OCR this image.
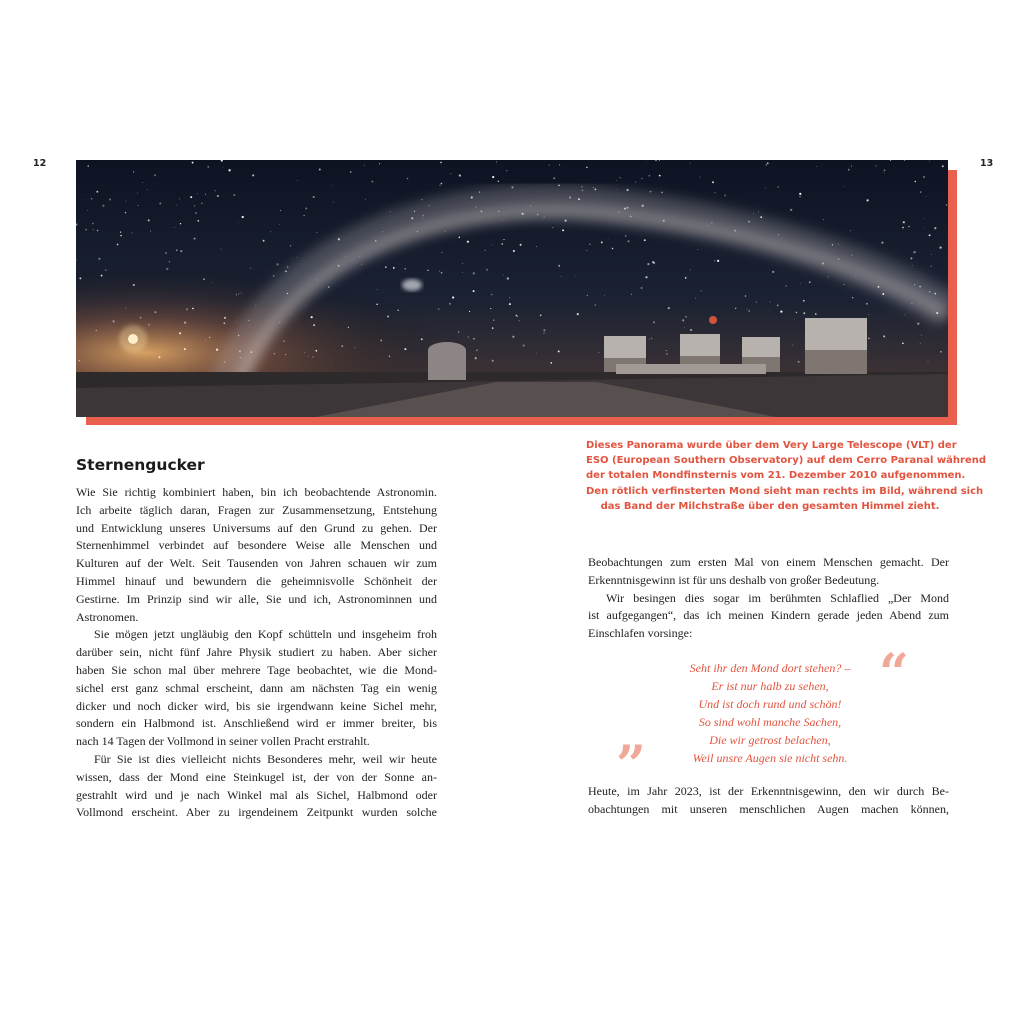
12	13
Dieses Panorama wurde über dem Very Large Telescope (VLT) der
ESO (European Southern Observatory) auf dem Cerro Paranal während
der totalen Mondfinsternis vom 21. Dezember 2010 aufgenommen.
Den rötlich verfinsterten Mond sieht man rechts im Bild, während sich
das Band der Milchstraße über den gesamten Himmel zieht.
Sternengucker
Wie Sie richtig kombiniert haben, bin ich beobachtende Astronomin.
Ich arbeite täglich daran, Fragen zur Zusammensetzung, Entstehung
und Entwicklung unseres Universums auf den Grund zu gehen. Der
Sternenhimmel verbindet auf besondere Weise alle Menschen und
Kulturen auf der Welt. Seit Tausenden von Jahren schauen wir zum
Himmel hinauf und bewundern die geheimnisvolle Schönheit der
Gestirne. Im Prinzip sind wir alle, Sie und ich, Astronominnen und
Astronomen.
Sie mögen jetzt ungläubig den Kopf schütteln und insgeheim froh
darüber sein, nicht fünf Jahre Physik studiert zu haben. Aber sicher
haben Sie schon mal über mehrere Tage beobachtet, wie die Mond-
sichel erst ganz schmal erscheint, dann am nächsten Tag ein wenig
dicker und noch dicker wird, bis sie irgendwann keine Sichel mehr,
sondern ein Halbmond ist. Anschließend wird er immer breiter, bis
nach 14 Tagen der Vollmond in seiner vollen Pracht erstrahlt.
Für Sie ist dies vielleicht nichts Besonderes mehr, weil wir heute
wissen, dass der Mond eine Steinkugel ist, der von der Sonne an-
gestrahlt wird und je nach Winkel mal als Sichel, Halbmond oder
Vollmond erscheint. Aber zu irgendeinem Zeitpunkt wurden solche
Beobachtungen zum ersten Mal von einem Menschen gemacht. Der
Erkenntnisgewinn ist für uns deshalb von großer Bedeutung.
Wir besingen dies sogar im berühmten Schlaflied „Der Mond
ist aufgegangen“, das ich meinen Kindern gerade jeden Abend zum
Einschlafen vorsinge:
“
Seht ihr den Mond dort stehen? –
Er ist nur halb zu sehen,
Und ist doch rund und schön!
So sind wohl manche Sachen,
Die wir getrost belachen,
Weil unsre Augen sie nicht sehn.
”
Heute, im Jahr 2023, ist der Erkenntnisgewinn, den wir durch Be-
obachtungen mit unseren menschlichen Augen machen können,
